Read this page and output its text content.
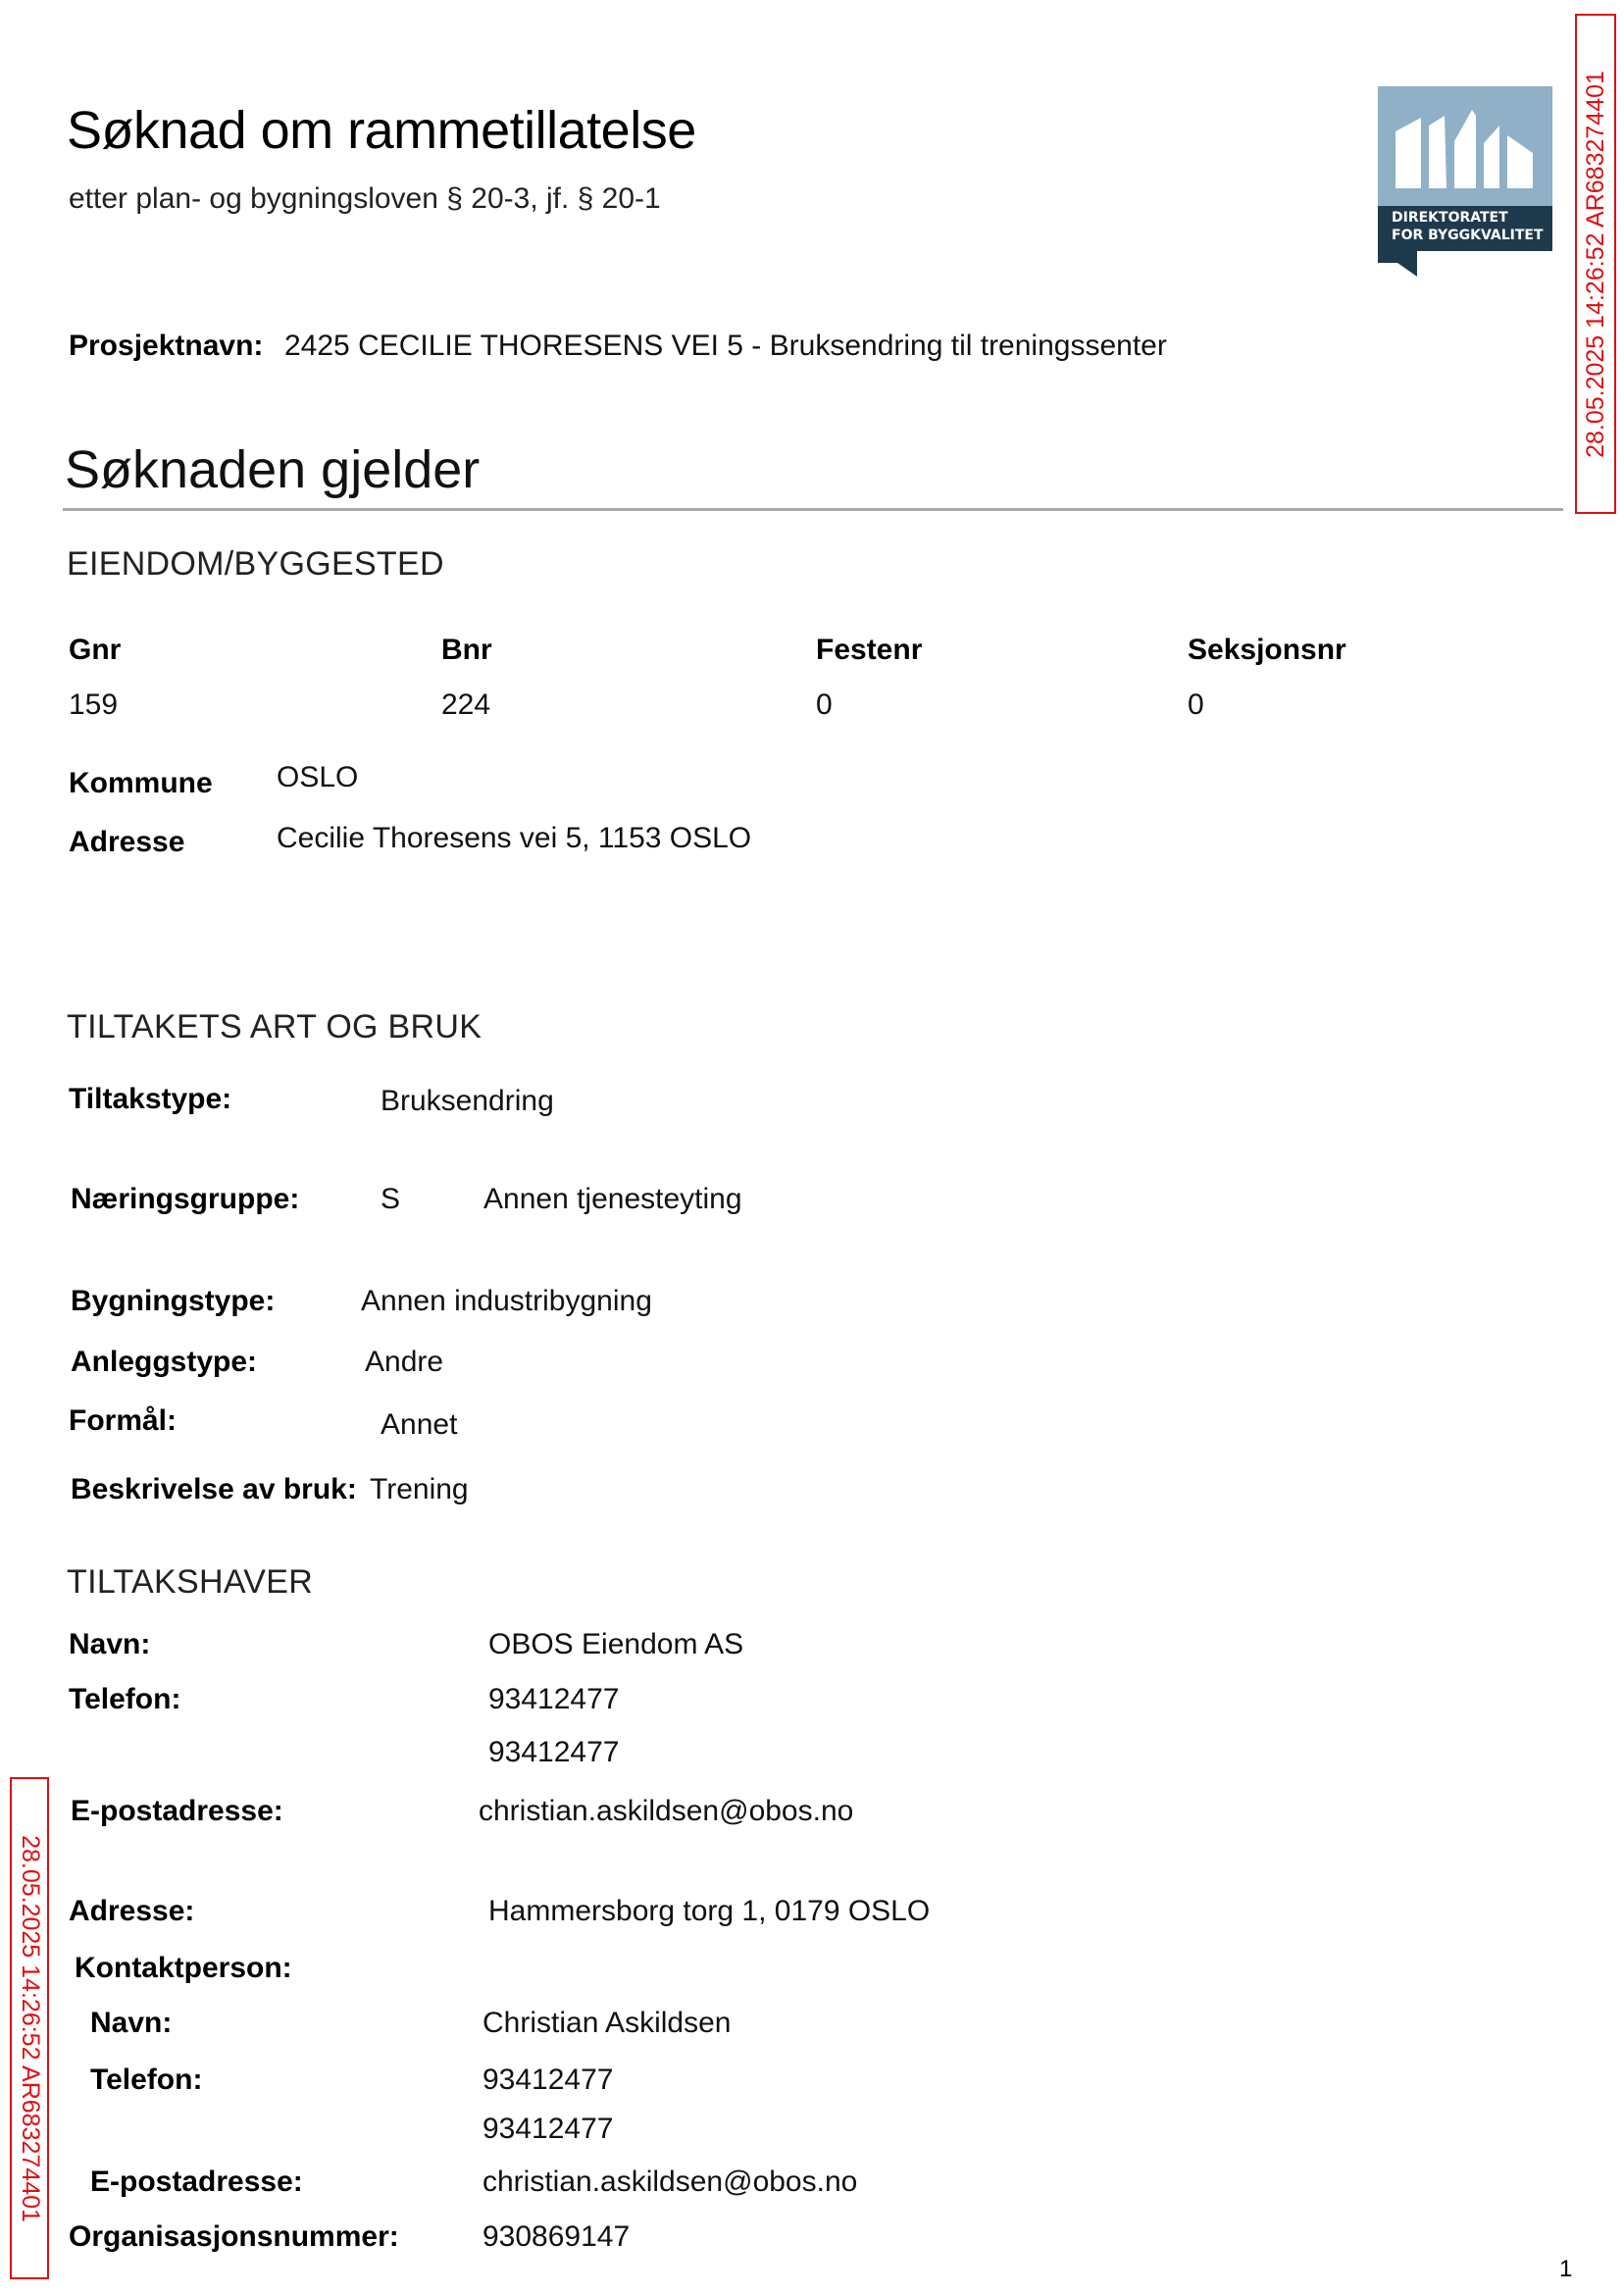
Søknad om rammetillatelse
etter plan- og bygningsloven § 20-3, jf. § 20-1
DIREKTORATET
FOR BYGGKVALITET
Prosjektnavn: 2425 CECILIE THORESENS VEI 5 - Bruksendring til treningssenter
Søknaden gjelder
EIENDOM/BYGGESTED
Gnr	Bnr	Festenr	Seksjonsnr
159	224	0	0
Kommune OSLO
Adresse	Cecilie Thoresens vei 5, 1153 OSLO
TILTAKETS ART OG BRUK
Tiltakstype:	Bruksendring
Næringsgruppe:	S	Annen tjenesteyting
Bygningstype:	Annen industribygning
Anleggstype:	Andre
Formål:	Annet
Beskrivelse av bruk: Trening
TILTAKSHAVER
Navn:	OBOS Eiendom AS
Telefon:	93412477
93412477
E-postadresse:	christian.askildsen@obos.no
Adresse:	Hammersborg torg 1, 0179 OSLO
Kontaktperson:
Navn:	Christian Askildsen
Telefon:	93412477
93412477
E-postadresse:	christian.askildsen@obos.no
Organisasjonsnummer:	930869147
28.05.2025 14:26:52 AR683274401
28.05.2025 14:26:52 AR683274401
1
